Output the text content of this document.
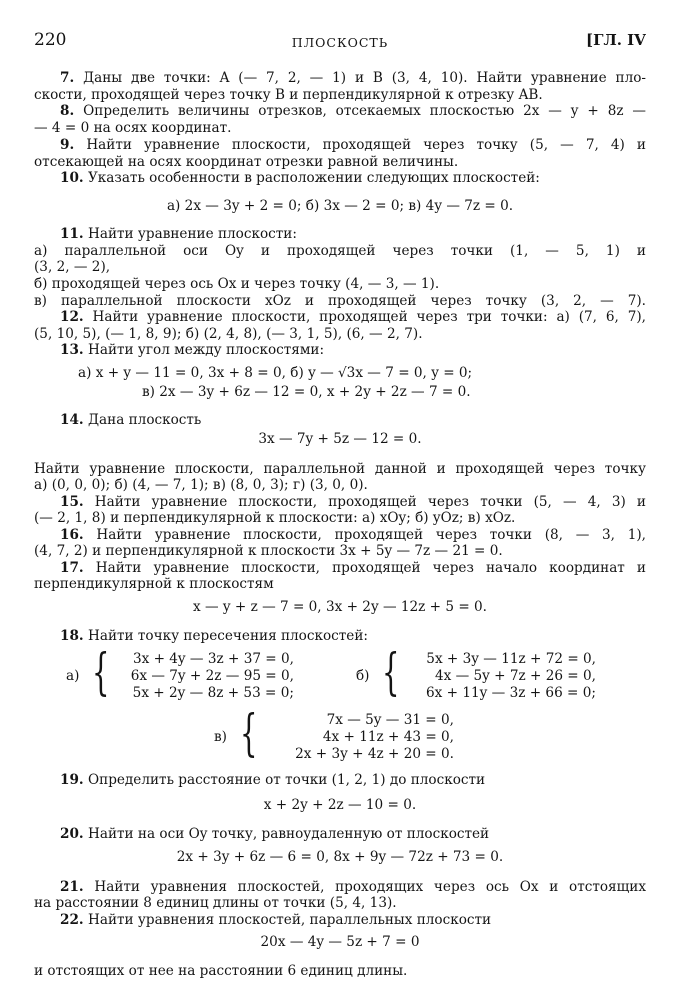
220	ПЛОСКОСТЬ	[ГЛ. IV
7. Даны две точки: A (— 7, 2, — 1) и B (3, 4, 10). Найти уравнение пло-
скости, проходящей через точку B и перпендикулярной к отрезку AB.
8. Определить величины отрезков, отсекаемых плоскостью 2x — y + 8z —
— 4 = 0 на осях координат.
9. Найти уравнение плоскости, проходящей через точку (5, — 7, 4) и
отсекающей на осях координат отрезки равной величины.
10. Указать особенности в расположении следующих плоскостей:
а) 2x — 3y + 2 = 0; б) 3x — 2 = 0; в) 4y — 7z = 0.
11. Найти уравнение плоскости:
а) параллельной оси Oy и проходящей через точки (1, — 5, 1) и
(3, 2, — 2),
б) проходящей через ось Ox и через точку (4, — 3, — 1).
в) параллельной плоскости xOz и проходящей через точку (3, 2, — 7).
12. Найти уравнение плоскости, проходящей через три точки: а) (7, 6, 7),
(5, 10, 5), (— 1, 8, 9); б) (2, 4, 8), (— 3, 1, 5), (6, — 2, 7).
13. Найти угол между плоскостями:
а) x + y — 11 = 0, 3x + 8 = 0, б) y — √3x — 7 = 0, y = 0;
в) 2x — 3y + 6z — 12 = 0, x + 2y + 2z — 7 = 0.
14. Дана плоскость
3x — 7y + 5z — 12 = 0.
Найти уравнение плоскости, параллельной данной и проходящей через точку
а) (0, 0, 0); б) (4, — 7, 1); в) (8, 0, 3); г) (3, 0, 0).
15. Найти уравнение плоскости, проходящей через точки (5, — 4, 3) и
(— 2, 1, 8) и перпендикулярной к плоскости: а) xOy; б) yOz; в) xOz.
16. Найти уравнение плоскости, проходящей через точки (8, — 3, 1),
(4, 7, 2) и перпендикулярной к плоскости 3x + 5y — 7z — 21 = 0.
17. Найти уравнение плоскости, проходящей через начало координат и
перпендикулярной к плоскостям
x — y + z — 7 = 0, 3x + 2y — 12z + 5 = 0.
18. Найти точку пересечения плоскостей:
а) {	3x + 4y — 3z + 37 = 0,
6x — 7y + 2z — 95 = 0,
5x + 2y — 8z + 53 = 0;
б) {	5x + 3y — 11z + 72 = 0,
4x — 5y + 7z + 26 = 0,
6x + 11y — 3z + 66 = 0;
в) {	7x — 5y — 31 = 0,
4x + 11z + 43 = 0,
2x + 3y + 4z + 20 = 0.
19. Определить расстояние от точки (1, 2, 1) до плоскости
x + 2y + 2z — 10 = 0.
20. Найти на оси Oy точку, равноудаленную от плоскостей
2x + 3y + 6z — 6 = 0, 8x + 9y — 72z + 73 = 0.
21. Найти уравнения плоскостей, проходящих через ось Ox и отстоящих
на расстоянии 8 единиц длины от точки (5, 4, 13).
22. Найти уравнения плоскостей, параллельных плоскости
20x — 4y — 5z + 7 = 0
и отстоящих от нее на расстоянии 6 единиц длины.
